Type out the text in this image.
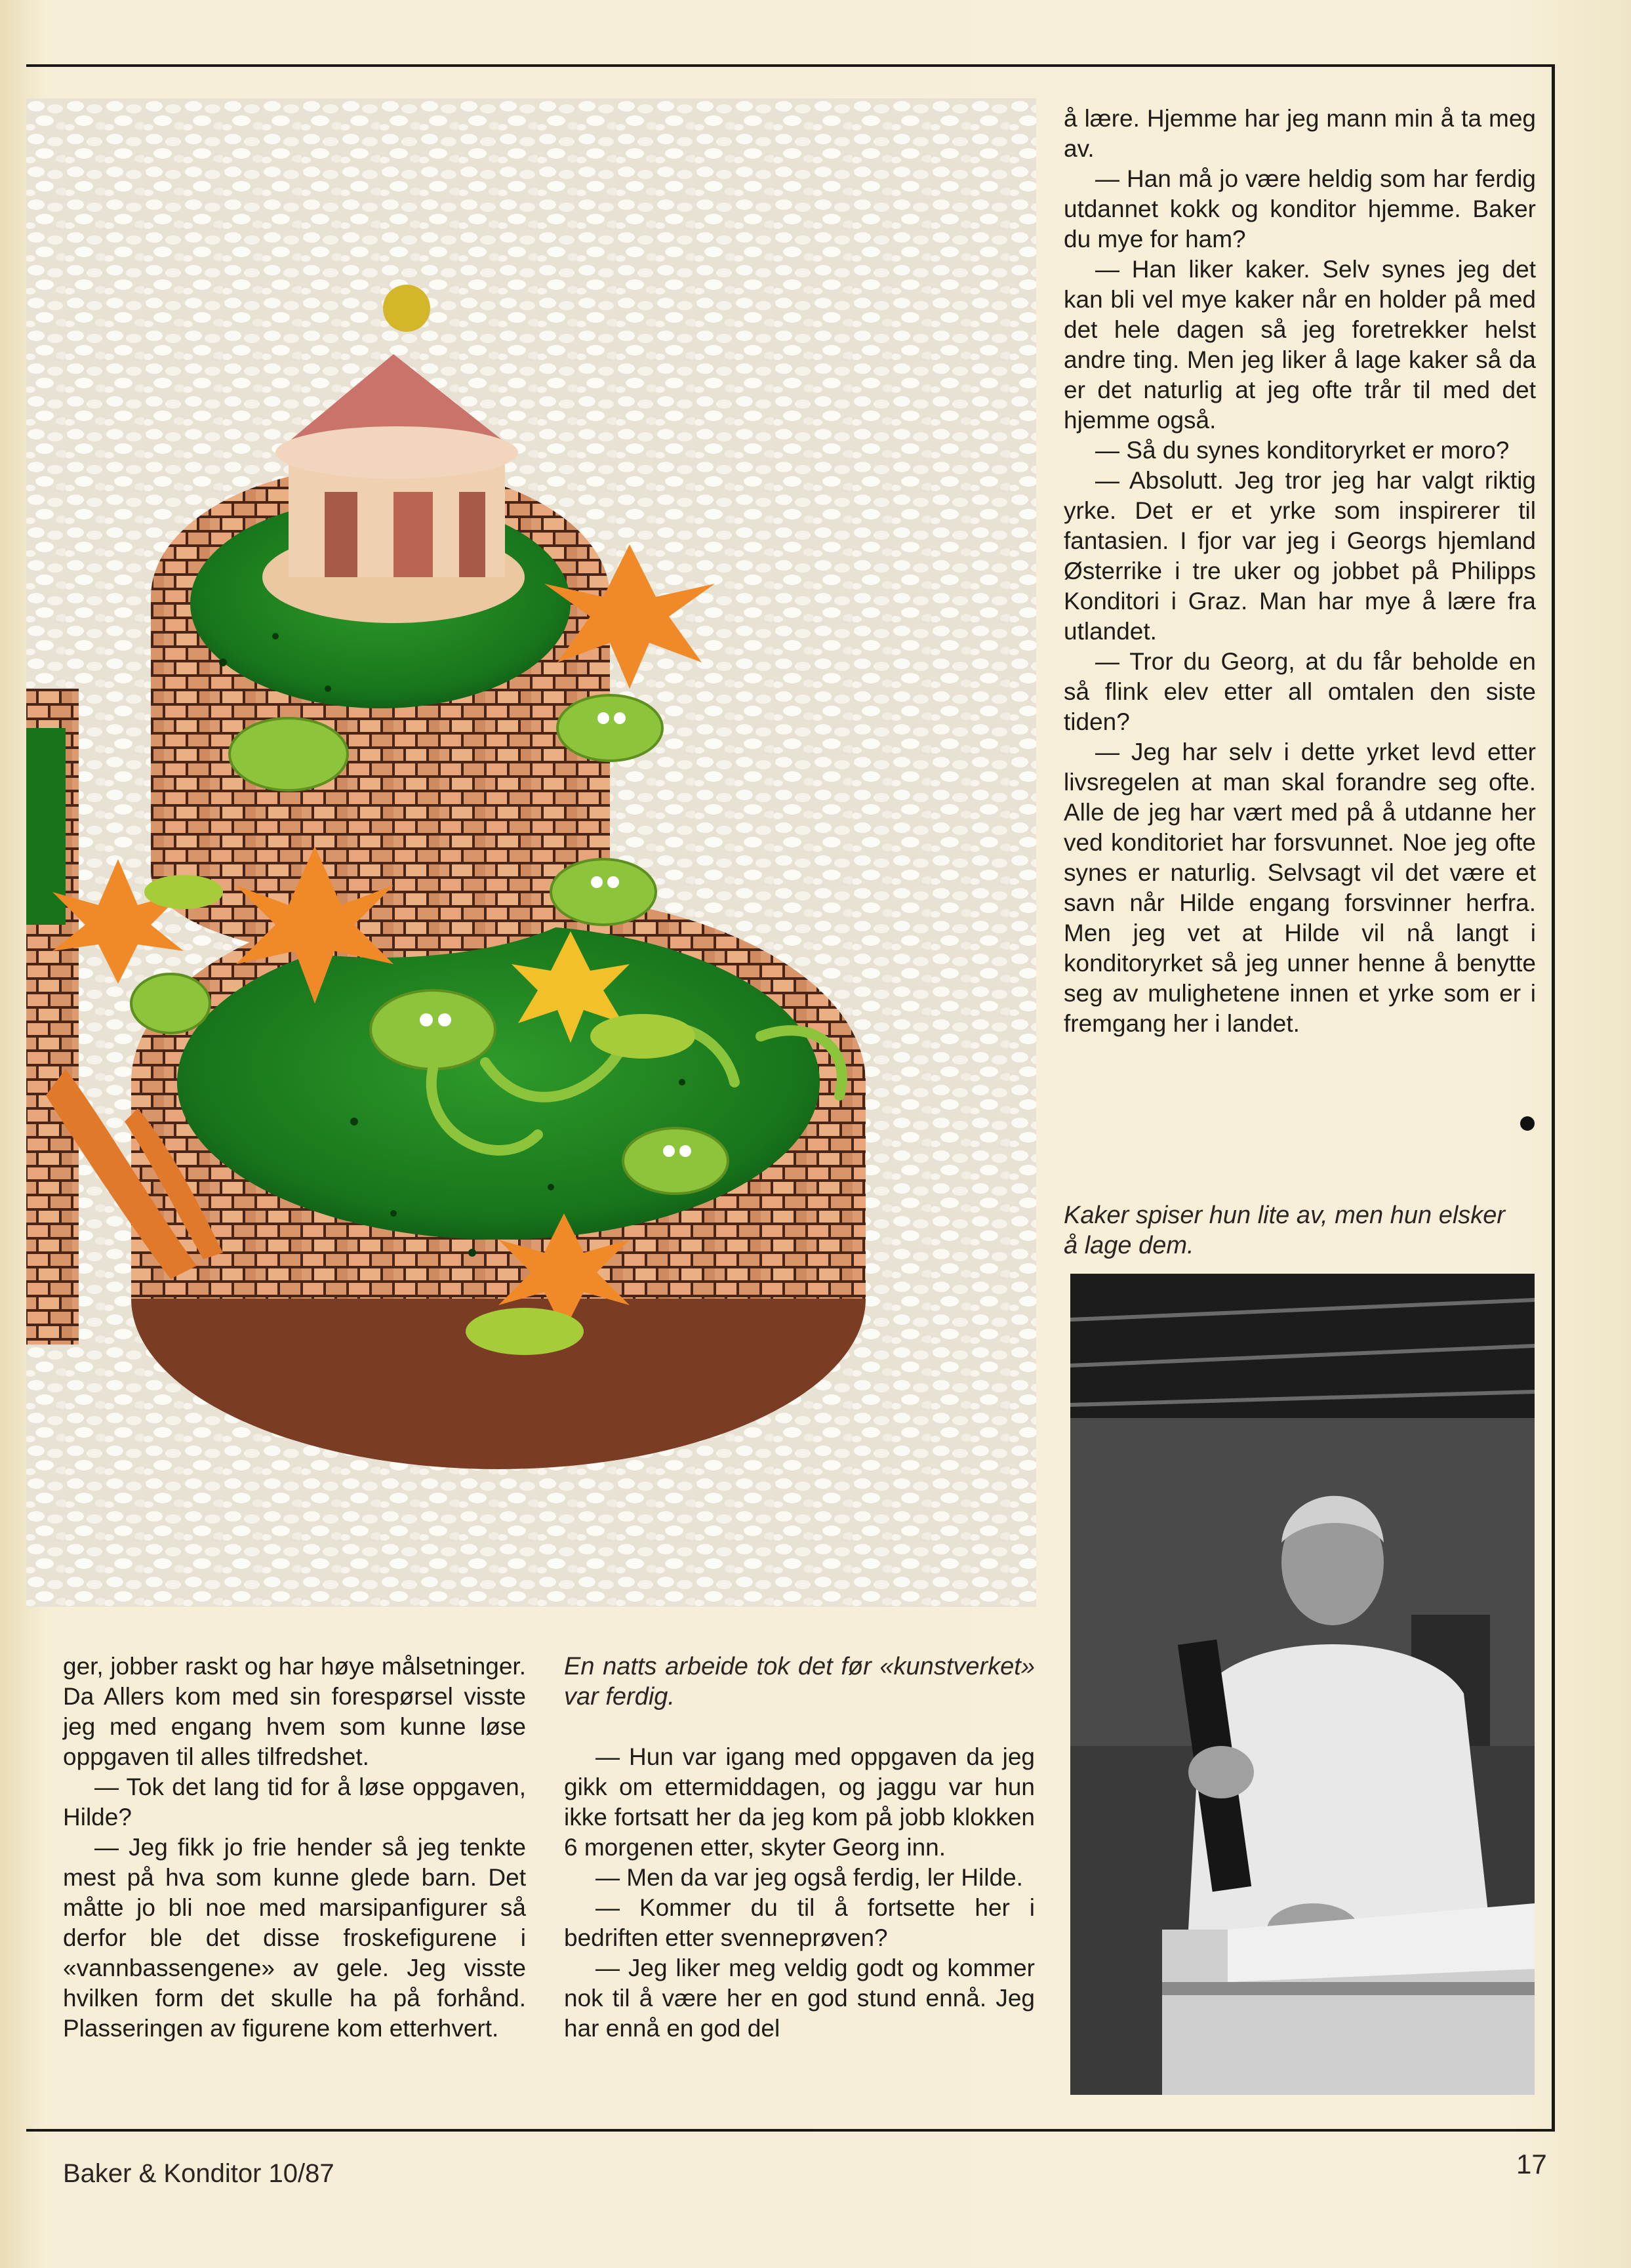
å lære. Hjemme har jeg mann min å ta meg av.

— Han må jo være heldig som har ferdig utdannet kokk og konditor hjemme. Baker du mye for ham?

— Han liker kaker. Selv synes jeg det kan bli vel mye kaker når en holder på med det hele dagen så jeg foretrekker helst andre ting. Men jeg liker å lage kaker så da er det naturlig at jeg ofte trår til med det hjemme også.

— Så du synes konditoryrket er moro?

— Absolutt. Jeg tror jeg har valgt riktig yrke. Det er et yrke som inspirerer til fantasien. I fjor var jeg i Georgs hjemland Østerrike i tre uker og jobbet på Philipps Konditori i Graz. Man har mye å lære fra utlandet.

— Tror du Georg, at du får beholde en så flink elev etter all omtalen den siste tiden?

— Jeg har selv i dette yrket levd etter livsregelen at man skal forandre seg ofte. Alle de jeg har vært med på å utdanne her ved konditoriet har forsvunnet. Noe jeg ofte synes er naturlig. Selvsagt vil det være et savn når Hilde engang forsvinner herfra. Men jeg vet at Hilde vil nå langt i konditoryrket så jeg unner henne å benytte seg av mulighetene innen et yrke som er i fremgang her i landet.

Kaker spiser hun lite av, men hun elsker å lage dem.

ger, jobber raskt og har høye målsetninger. Da Allers kom med sin forespørsel visste jeg med engang hvem som kunne løse oppgaven til alles tilfredshet.

— Tok det lang tid for å løse oppgaven, Hilde?

— Jeg fikk jo frie hender så jeg tenkte mest på hva som kunne glede barn. Det måtte jo bli noe med marsipanfigurer så derfor ble det disse froskefigurene i «vannbassengene» av gele. Jeg visste hvilken form det skulle ha på forhånd. Plasseringen av figurene kom etterhvert.

En natts arbeide tok det før «kunstverket» var ferdig.

— Hun var igang med oppgaven da jeg gikk om ettermiddagen, og jaggu var hun ikke fortsatt her da jeg kom på jobb klokken 6 morgenen etter, skyter Georg inn.

— Men da var jeg også ferdig, ler Hilde.

— Kommer du til å fortsette her i bedriften etter svenneprøven?

— Jeg liker meg veldig godt og kommer nok til å være her en god stund ennå. Jeg har ennå en god del

Baker & Konditor 10/87	17
